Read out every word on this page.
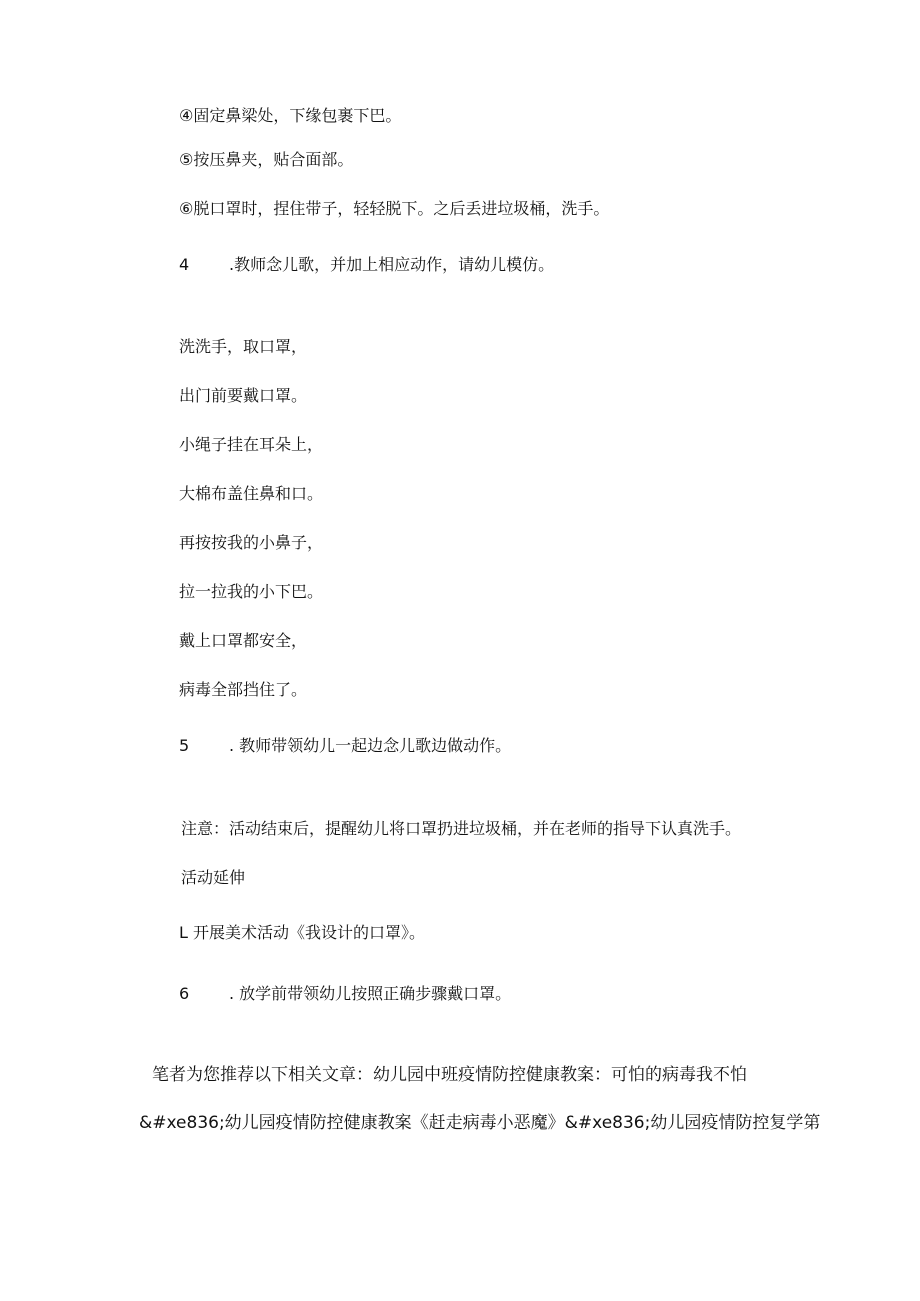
④固定鼻梁处，下缘包裹下巴。
⑤按压鼻夹，贴合面部。
⑥脱口罩时，捏住带子，轻轻脱下。之后丢进垃圾桶，洗手。
4 .教师念儿歌，并加上相应动作，请幼儿模仿。
洗洗手，取口罩，
出门前要戴口罩。
小绳子挂在耳朵上，
大棉布盖住鼻和口。
再按按我的小鼻子，
拉一拉我的小下巴。
戴上口罩都安全，
病毒全部挡住了。
5 . 教师带领幼儿一起边念儿歌边做动作。
注意：活动结束后，提醒幼儿将口罩扔进垃圾桶，并在老师的指导下认真洗手。
活动延伸
L 开展美术活动《我设计的口罩》。
6 . 放学前带领幼儿按照正确步骤戴口罩。
笔者为您推荐以下相关文章：幼儿园中班疫情防控健康教案：可怕的病毒我不怕
&#xe836;幼儿园疫情防控健康教案《赶走病毒小恶魔》&#xe836;幼儿园疫情防控复学第
